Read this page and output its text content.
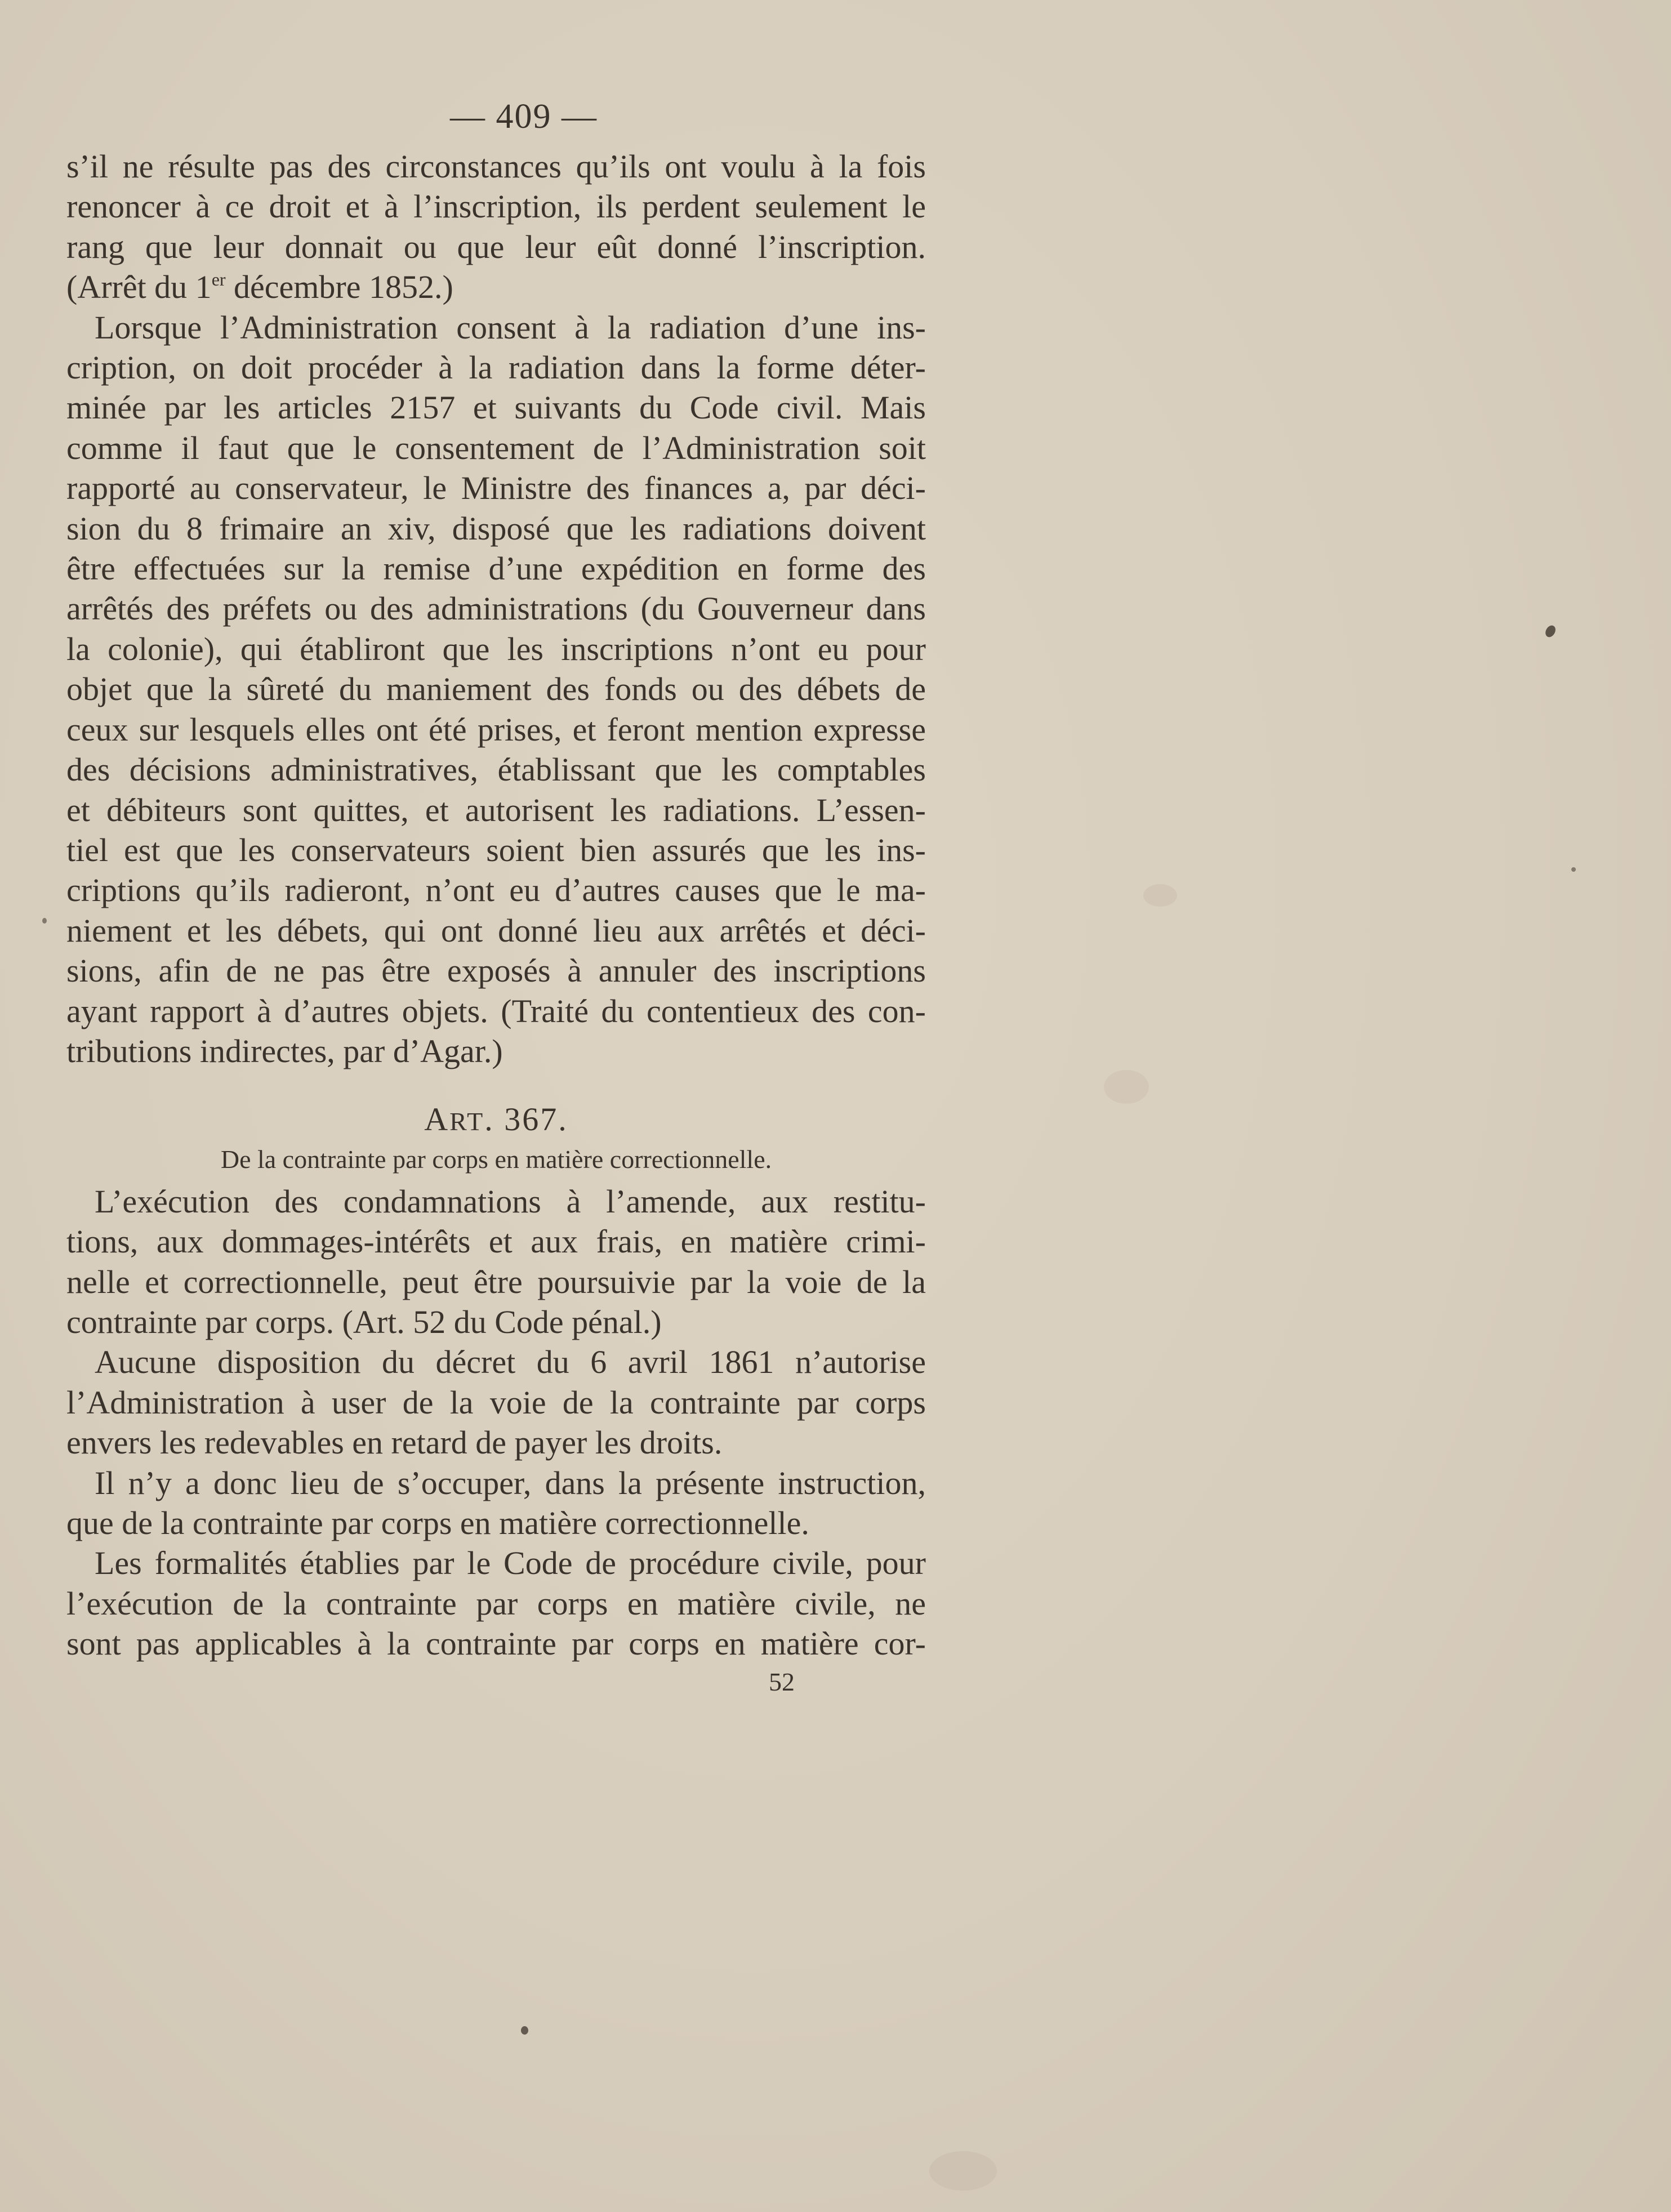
— 409 —
s’il ne résulte pas des circonstances qu’ils ont voulu à la fois
renoncer à ce droit et à l’inscription, ils perdent seulement le
rang que leur donnait ou que leur eût donné l’inscription.
(Arrêt du 1er décembre 1852.)
Lorsque l’Administration consent à la radiation d’une ins-
cription, on doit procéder à la radiation dans la forme déter-
minée par les articles 2157 et suivants du Code civil. Mais
comme il faut que le consentement de l’Administration soit
rapporté au conservateur, le Ministre des finances a, par déci-
sion du 8 frimaire an xiv, disposé que les radiations doivent
être effectuées sur la remise d’une expédition en forme des
arrêtés des préfets ou des administrations (du Gouverneur dans
la colonie), qui établiront que les inscriptions n’ont eu pour
objet que la sûreté du maniement des fonds ou des débets de
ceux sur lesquels elles ont été prises, et feront mention expresse
des décisions administratives, établissant que les comptables
et débiteurs sont quittes, et autorisent les radiations. L’essen-
tiel est que les conservateurs soient bien assurés que les ins-
criptions qu’ils radieront, n’ont eu d’autres causes que le ma-
niement et les débets, qui ont donné lieu aux arrêtés et déci-
sions, afin de ne pas être exposés à annuler des inscriptions
ayant rapport à d’autres objets. (Traité du contentieux des con-
tributions indirectes, par d’Agar.)
ART. 367.
De la contrainte par corps en matière correctionnelle.
L’exécution des condamnations à l’amende, aux restitu-
tions, aux dommages-intérêts et aux frais, en matière crimi-
nelle et correctionnelle, peut être poursuivie par la voie de la
contrainte par corps. (Art. 52 du Code pénal.)
Aucune disposition du décret du 6 avril 1861 n’autorise
l’Administration à user de la voie de la contrainte par corps
envers les redevables en retard de payer les droits.
Il n’y a donc lieu de s’occuper, dans la présente instruction,
que de la contrainte par corps en matière correctionnelle.
Les formalités établies par le Code de procédure civile, pour
l’exécution de la contrainte par corps en matière civile, ne
sont pas applicables à la contrainte par corps en matière cor-
52
